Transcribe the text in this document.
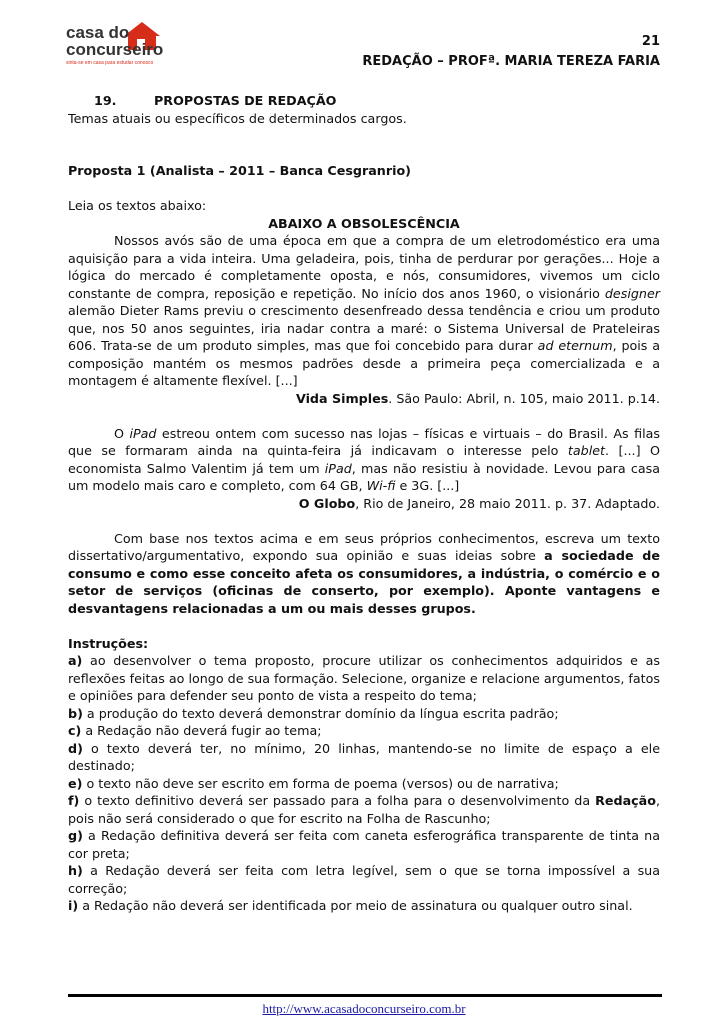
casa do
concurseiro
sinta-se em casa para estudar conosco
21
REDAÇÃO – PROFª. MARIA TEREZA FARIA

19.	PROPOSTAS DE REDAÇÃO

Temas atuais ou específicos de determinados cargos.

Proposta 1 (Analista – 2011 – Banca Cesgranrio)

Leia os textos abaixo:

ABAIXO A OBSOLESCÊNCIA

Nossos avós são de uma época em que a compra de um eletrodoméstico era uma aquisição para a vida inteira. Uma geladeira, pois, tinha de perdurar por gerações... Hoje a lógica do mercado é completamente oposta, e nós, consumidores, vivemos um ciclo constante de compra, reposição e repetição. No início dos anos 1960, o visionário designer alemão Dieter Rams previu o crescimento desenfreado dessa tendência e criou um produto que, nos 50 anos seguintes, iria nadar contra a maré: o Sistema Universal de Prateleiras 606. Trata-se de um produto simples, mas que foi concebido para durar ad eternum, pois a composição mantém os mesmos padrões desde a primeira peça comercializada e a montagem é altamente flexível. [...]

Vida Simples. São Paulo: Abril, n. 105, maio 2011. p.14.

O iPad estreou ontem com sucesso nas lojas – físicas e virtuais – do Brasil. As filas que se formaram ainda na quinta-feira já indicavam o interesse pelo tablet. [...] O economista Salmo Valentim já tem um iPad, mas não resistiu à novidade. Levou para casa um modelo mais caro e completo, com 64 GB, Wi-fi e 3G. [...]

O Globo, Rio de Janeiro, 28 maio 2011. p. 37. Adaptado.

Com base nos textos acima e em seus próprios conhecimentos, escreva um texto dissertativo/argumentativo, expondo sua opinião e suas ideias sobre a sociedade de consumo e como esse conceito afeta os consumidores, a indústria, o comércio e o setor de serviços (oficinas de conserto, por exemplo). Aponte vantagens e desvantagens relacionadas a um ou mais desses grupos.

Instruções:

a) ao desenvolver o tema proposto, procure utilizar os conhecimentos adquiridos e as reflexões feitas ao longo de sua formação. Selecione, organize e relacione argumentos, fatos e opiniões para defender seu ponto de vista a respeito do tema;

b) a produção do texto deverá demonstrar domínio da língua escrita padrão;

c) a Redação não deverá fugir ao tema;

d) o texto deverá ter, no mínimo, 20 linhas, mantendo-se no limite de espaço a ele destinado;

e) o texto não deve ser escrito em forma de poema (versos) ou de narrativa;

f) o texto definitivo deverá ser passado para a folha para o desenvolvimento da Redação, pois não será considerado o que for escrito na Folha de Rascunho;

g) a Redação definitiva deverá ser feita com caneta esferográfica transparente de tinta na cor preta;

h) a Redação deverá ser feita com letra legível, sem o que se torna impossível a sua correção;

i) a Redação não deverá ser identificada por meio de assinatura ou qualquer outro sinal.

http://www.acasadoconcurseiro.com.br
